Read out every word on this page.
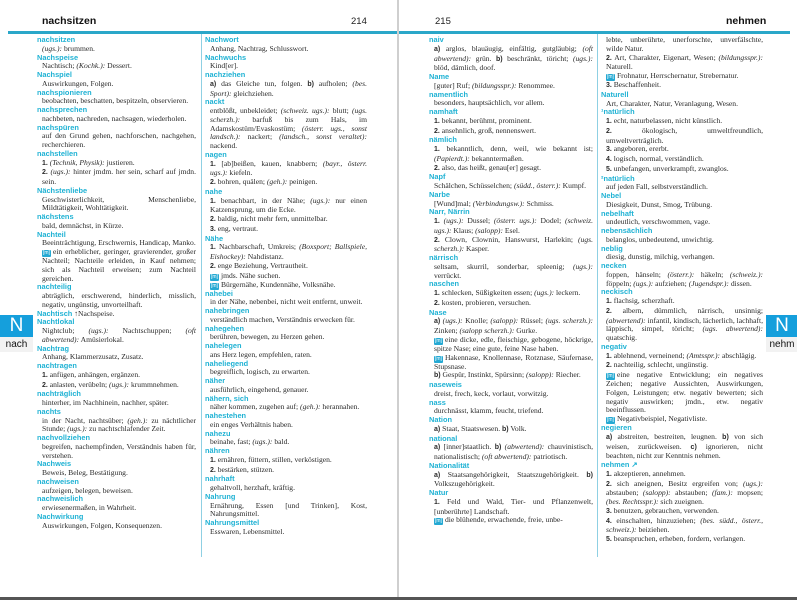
nachsitzen	214
nachsitzen
(ugs.): brummen.
Nachspeise
Nachtisch; (Kochk.): Dessert.
Nachspiel
Auswirkungen, Folgen.
nachspionieren
beobachten, beschatten, bespitzeln, observieren.
nachsprechen
nachbeten, nachreden, nachsagen, wiederholen.
nachspüren
auf den Grund gehen, nachforschen, nachgehen, recherchieren.
nachstellen
1. (Technik, Physik): justieren.
2. (ugs.): hinter jmdm. her sein, scharf auf jmdn. sein.
Nächstenliebe
Geschwisterlichkeit, Menschenliebe, Mildtätigkeit, Wohltätigkeit.
nächstens
bald, demnächst, in Kürze.
Nachteil
Beeinträchtigung, Erschwernis, Handicap, Manko.
[m] ein erheblicher, geringer, gravierender, großer Nachteil; Nachteile erleiden, in Kauf nehmen; sich als Nachteil erweisen; zum Nachteil gereichen.
nachteilig
abträglich, erschwerend, hinderlich, misslich, negativ, ungünstig, unvorteilhaft.
Nachtisch ↑Nachspeise.
Nachtlokal
Nightclub; (ugs.): Nachtschuppen; (oft abwertend): Amüsierlokal.
Nachtrag
Anhang, Klammerzusatz, Zusatz.
nachtragen
1. anfügen, anhängen, ergänzen.
2. anlasten, verübeln; (ugs.): krummnehmen.
nachträglich
hinterher, im Nachhinein, nachher, später.
nachts
in der Nacht, nachtsüber; (geh.): zu nächtlicher Stunde; (ugs.): zu nachtschlafender Zeit.
nachvollziehen
begreifen, nachempfinden, Verständnis haben für, verstehen.
Nachweis
Beweis, Beleg, Bestätigung.
nachweisen
aufzeigen, belegen, beweisen.
nachweislich
erwiesenermaßen, in Wahrheit.
Nachwirkung
Auswirkungen, Folgen, Konsequenzen.
Nachwort
Anhang, Nachtrag, Schlusswort.
Nachwuchs
Kind[er].
nachziehen
a) das Gleiche tun, folgen. b) aufholen; (bes. Sport): gleichziehen.
nackt
entblößt, unbekleidet; (schweiz. ugs.): blutt; (ugs. scherzh.): barfuß bis zum Hals, im Adamskostüm/Evaskostüm; (österr. ugs., sonst landsch.): nackert; (landsch., sonst veraltet): nackend.
nagen
1. [ab]beißen, kauen, knabbern; (bayr., österr. ugs.): kiefeln.
2. bohren, quälen; (geh.): peinigen.
nahe
1. benachbart, in der Nähe; (ugs.): nur einen Katzensprung, um die Ecke.
2. baldig, nicht mehr fern, unmittelbar.
3. eng, vertraut.
Nähe
1. Nachbarschaft, Umkreis; (Boxsport; Ballspiele, Eishockey): Nahdistanz.
2. enge Beziehung, Vertrautheit.
[m] jmds. Nähe suchen.
[m] Bürgernähe, Kundennähe, Volksnähe.
nahebei
in der Nähe, nebenbei, nicht weit entfernt, unweit.
nahebringen
verständlich machen, Verständnis erwecken für.
nahegehen
berühren, bewegen, zu Herzen gehen.
nahelegen
ans Herz legen, empfehlen, raten.
naheliegend
begreiflich, logisch, zu erwarten.
näher
ausführlich, eingehend, genauer.
nähern, sich
näher kommen, zugehen auf; (geh.): herannahen.
nahestehen
ein enges Verhältnis haben.
nahezu
beinahe, fast; (ugs.): bald.
nähren
1. ernähren, füttern, stillen, verköstigen.
2. bestärken, stützen.
nahrhaft
gehaltvoll, herzhaft, kräftig.
Nahrung
Ernährung, Essen [und Trinken], Kost, Nahrungsmittel.
Nahrungsmittel
Esswaren, Lebensmittel.
N
nach
215	nehmen
naiv
a) arglos, blauäugig, einfältig, gutgläubig; (oft abwertend): grün. b) beschränkt, töricht; (ugs.): blöd, dämlich, doof.
Name
[guter] Ruf; (bildungsspr.): Renommee.
namentlich
besonders, hauptsächlich, vor allem.
namhaft
1. bekannt, berühmt, prominent.
2. ansehnlich, groß, nennenswert.
nämlich
1. bekanntlich, denn, weil, wie bekannt ist; (Papierdt.): bekanntermaßen.
2. also, das heißt, genau[er] gesagt.
Napf
Schälchen, Schüsselchen; (südd., österr.): Kumpf.
Narbe
[Wund]mal; (Verbindungsw.): Schmiss.
Narr, Närrin
1. (ugs.): Dussel; (österr. ugs.): Dodel; (schweiz. ugs.): Klaus; (salopp): Esel.
2. Clown, Clownin, Hanswurst, Harlekin; (ugs. scherzh.): Kasper.
närrisch
seltsam, skurril, sonderbar, spleenig; (ugs.): verrückt.
naschen
1. schlecken, Süßigkeiten essen; (ugs.): leckern.
2. kosten, probieren, versuchen.
Nase
a) (ugs.): Knolle; (salopp): Rüssel; (ugs. scherzh.): Zinken; (salopp scherzh.): Gurke.
[m] eine dicke, edle, fleischige, gebogene, höckrige, spitze Nase; eine gute, feine Nase haben.
[m] Hakennase, Knollennase, Rotznase, Säufernase, Stupsnase.
b) Gespür, Instinkt, Spürsinn; (salopp): Riecher.
naseweis
dreist, frech, keck, vorlaut, vorwitzig.
nass
durchnässt, klamm, feucht, triefend.
Nation
a) Staat, Staatswesen. b) Volk.
national
a) [inner]staatlich. b) (abwertend): chauvinistisch, nationalistisch; (oft abwertend): patriotisch.
Nationalität
a) Staatsangehörigkeit, Staatszugehörigkeit. b) Volkszugehörigkeit.
Natur
1. Feld und Wald, Tier- und Pflanzenwelt, [unberührte] Landschaft.
[m] die blühende, erwachende, freie, unbe-
lebte, unberührte, unerforschte, unverfälschte, wilde Natur.
2. Art, Charakter, Eigenart, Wesen; (bildungsspr.): Naturell.
[m] Frohnatur, Herrschernatur, Strebernatur.
3. Beschaffenheit.
Naturell
Art, Charakter, Natur, Veranlagung, Wesen.
¹natürlich
1. echt, naturbelassen, nicht künstlich.
2. ökologisch, umweltfreundlich, umweltverträglich.
3. angeboren, ererbt.
4. logisch, normal, verständlich.
5. unbefangen, unverkrampft, zwanglos.
²natürlich
auf jeden Fall, selbstverständlich.
Nebel
Diesigkeit, Dunst, Smog, Trübung.
nebelhaft
undeutlich, verschwommen, vage.
nebensächlich
belanglos, unbedeutend, unwichtig.
neblig
diesig, dunstig, milchig, verhangen.
necken
foppen, hänseln; (österr.): häkeln; (schweiz.): föppeln; (ugs.): aufziehen; (Jugendspr.): dissen.
neckisch
1. flachsig, scherzhaft.
2. albern, dümmlich, närrisch, unsinnig; (abwertend): infantil, kindisch, lächerlich, lachhaft, läppisch, simpel, töricht; (ugs. abwertend): quatschig.
negativ
1. ablehnend, verneinend; (Amtsspr.): abschlägig.
2. nachteilig, schlecht, ungünstig.
[m] eine negative Entwicklung; ein negatives Zeichen; negative Aussichten, Auswirkungen, Folgen, Leistungen; etw. negativ bewerten; sich negativ auswirken; jmdn., etw. negativ beeinflussen.
[m] Negativbeispiel, Negativliste.
negieren
a) abstreiten, bestreiten, leugnen. b) von sich weisen, zurückweisen. c) ignorieren, nicht beachten, nicht zur Kenntnis nehmen.
nehmen ↗
1. akzeptieren, annehmen.
2. sich aneignen, Besitz ergreifen von; (ugs.): abstauben; (salopp): abstauben; (fam.): mopsen; (bes. Rechtsspr.): sich zueignen.
3. benutzen, gebrauchen, verwenden.
4. einschalten, hinzuziehen; (bes. südd., österr., schweiz.): beiziehen.
5. beanspruchen, erheben, fordern, verlangen.
N
nehm
